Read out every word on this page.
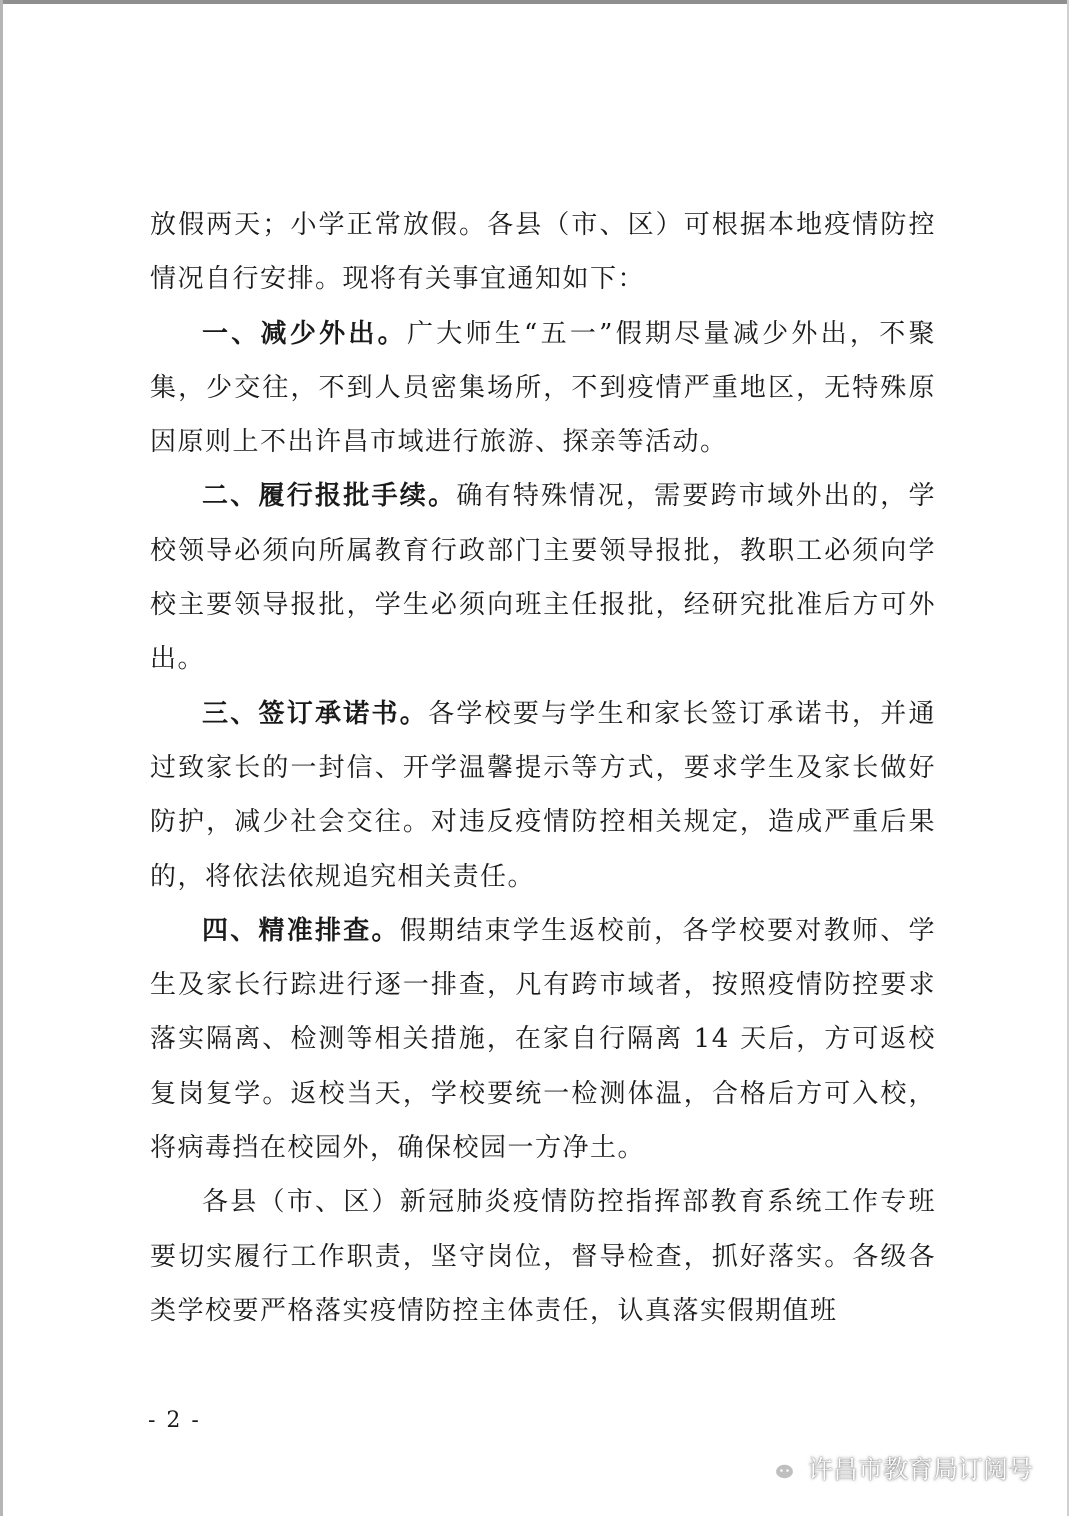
放假两天；小学正常放假。各县（市、区）可根据本地疫情防控情况自行安排。现将有关事宜通知如下：

一、减少外出。广大师生“五一”假期尽量减少外出，不聚集，少交往，不到人员密集场所，不到疫情严重地区，无特殊原因原则上不出许昌市域进行旅游、探亲等活动。

二、履行报批手续。确有特殊情况，需要跨市域外出的，学校领导必须向所属教育行政部门主要领导报批，教职工必须向学校主要领导报批，学生必须向班主任报批，经研究批准后方可外出。

三、签订承诺书。各学校要与学生和家长签订承诺书，并通过致家长的一封信、开学温馨提示等方式，要求学生及家长做好防护，减少社会交往。对违反疫情防控相关规定，造成严重后果的，将依法依规追究相关责任。

四、精准排查。假期结束学生返校前，各学校要对教师、学生及家长行踪进行逐一排查，凡有跨市域者，按照疫情防控要求落实隔离、检测等相关措施，在家自行隔离 14 天后，方可返校复岗复学。返校当天，学校要统一检测体温，合格后方可入校，将病毒挡在校园外，确保校园一方净土。

各县（市、区）新冠肺炎疫情防控指挥部教育系统工作专班要切实履行工作职责，坚守岗位，督导检查，抓好落实。各级各类学校要严格落实疫情防控主体责任，认真落实假期值班

- 2 -
许昌市教育局订阅号
